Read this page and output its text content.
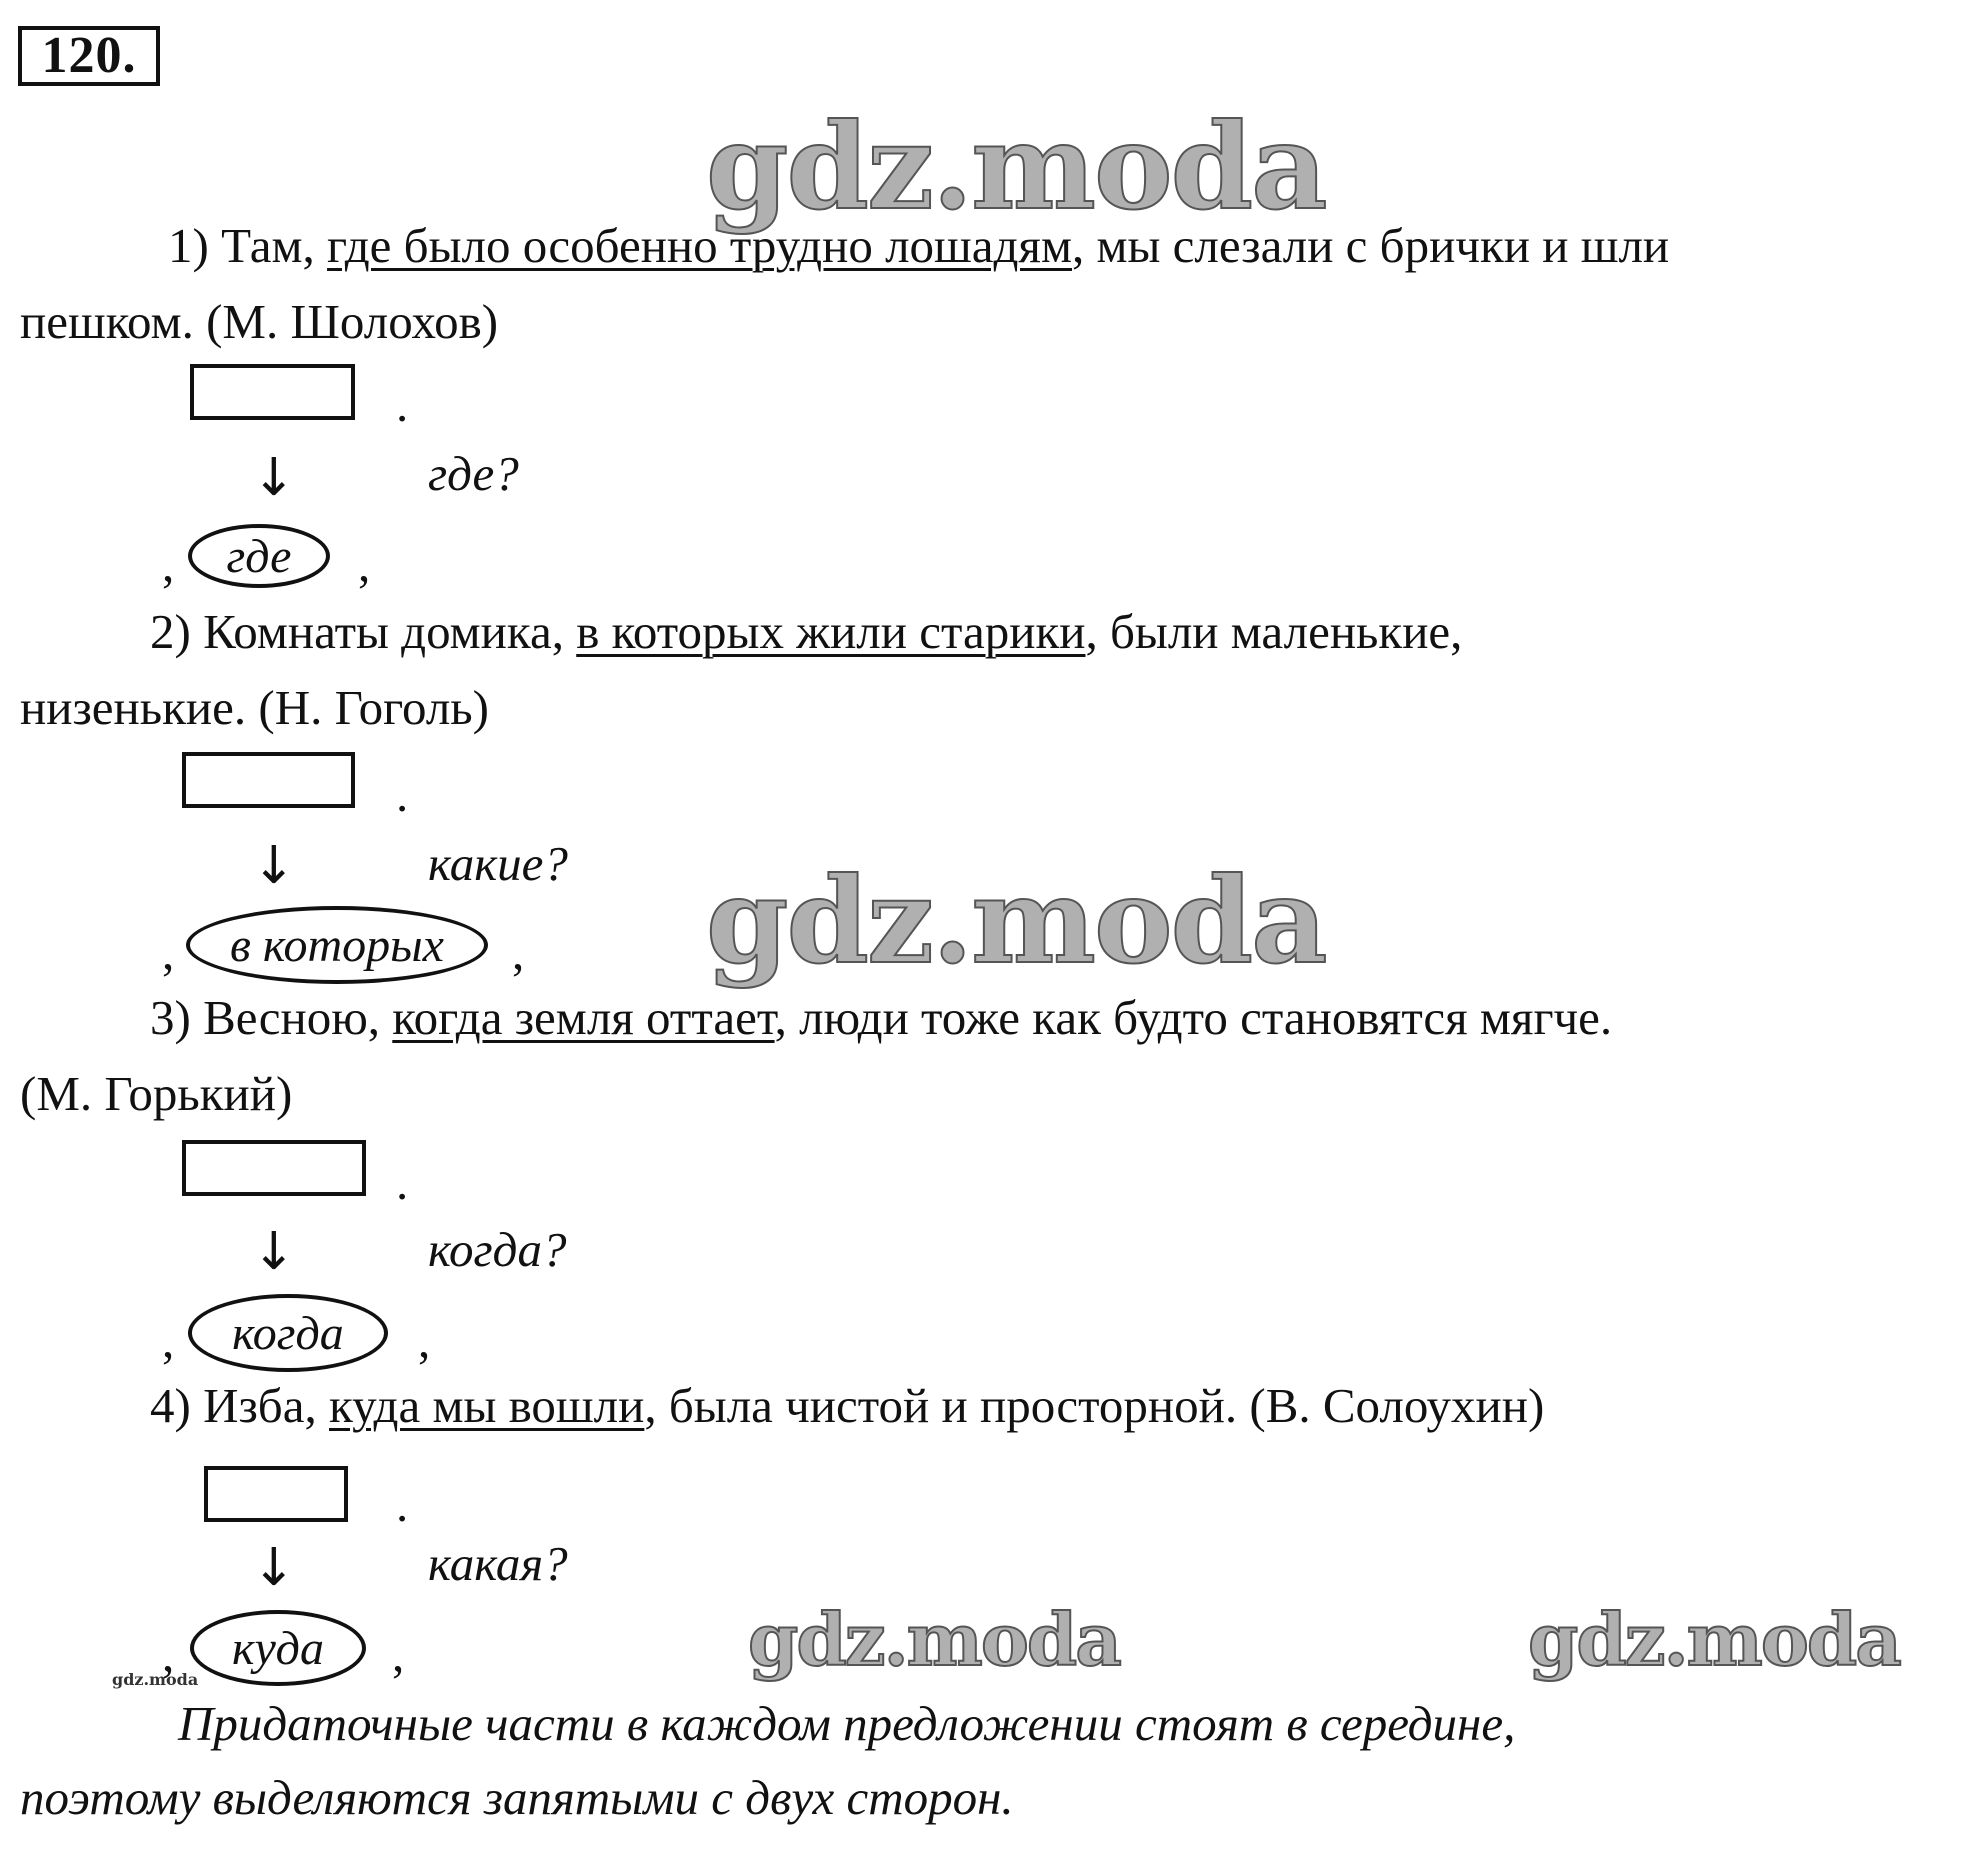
120.
gdz.moda
gdz.moda
gdz.moda	gdz.moda
gdz.moda
1) Там, где было особенно трудно лошадям, мы слезали с брички и шли
пешком. (М. Шолохов)
.
↓	где?
,	где	,
2) Комнаты домика, в которых жили старики, были маленькие,
низенькие. (Н. Гоголь)
.
↓	какие?
,	в которых	,
3) Весною, когда земля оттает, люди тоже как будто становятся мягче.
(М. Горький)
.
↓	когда?
,	когда	,
4) Изба, куда мы вошли, была чистой и просторной. (В. Солоухин)
.
↓	какая?
,	куда	,
Придаточные части в каждом предложении стоят в середине,
поэтому выделяются запятыми с двух сторон.
